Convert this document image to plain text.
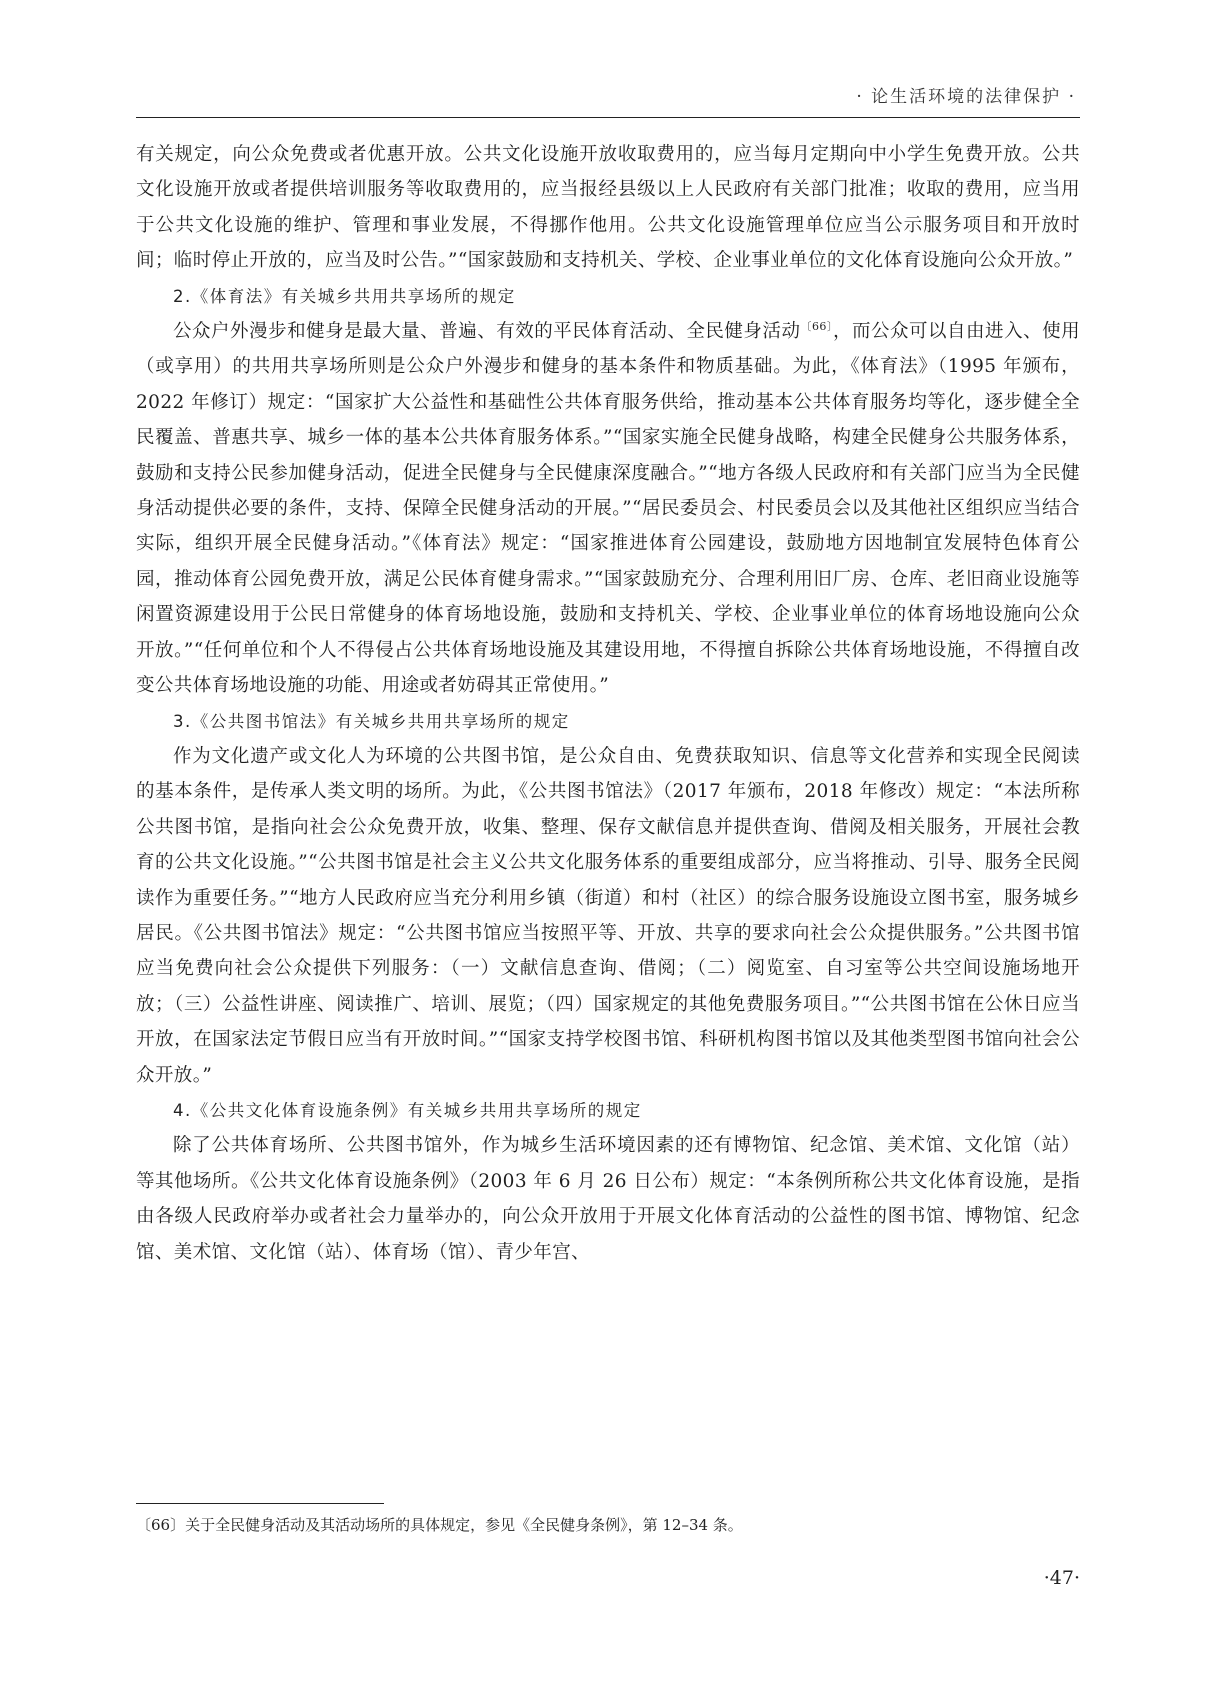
· 论生活环境的法律保护 ·

有关规定，向公众免费或者优惠开放。公共文化设施开放收取费用的，应当每月定期向中小学生免费开放。公共文化设施开放或者提供培训服务等收取费用的，应当报经县级以上人民政府有关部门批准；收取的费用，应当用于公共文化设施的维护、管理和事业发展，不得挪作他用。公共文化设施管理单位应当公示服务项目和开放时间；临时停止开放的，应当及时公告。”“国家鼓励和支持机关、学校、企业事业单位的文化体育设施向公众开放。”

2.《体育法》有关城乡共用共享场所的规定

公众户外漫步和健身是最大量、普遍、有效的平民体育活动、全民健身活动$^{〔66〕}$，而公众可以自由进入、使用（或享用）的共用共享场所则是公众户外漫步和健身的基本条件和物质基础。为此，《体育法》（1995 年颁布，2022 年修订）规定：“国家扩大公益性和基础性公共体育服务供给，推动基本公共体育服务均等化，逐步健全全民覆盖、普惠共享、城乡一体的基本公共体育服务体系。”“国家实施全民健身战略，构建全民健身公共服务体系，鼓励和支持公民参加健身活动，促进全民健身与全民健康深度融合。”“地方各级人民政府和有关部门应当为全民健身活动提供必要的条件，支持、保障全民健身活动的开展。”“居民委员会、村民委员会以及其他社区组织应当结合实际，组织开展全民健身活动。”《体育法》规定：“国家推进体育公园建设，鼓励地方因地制宜发展特色体育公园，推动体育公园免费开放，满足公民体育健身需求。”“国家鼓励充分、合理利用旧厂房、仓库、老旧商业设施等闲置资源建设用于公民日常健身的体育场地设施，鼓励和支持机关、学校、企业事业单位的体育场地设施向公众开放。”“任何单位和个人不得侵占公共体育场地设施及其建设用地，不得擅自拆除公共体育场地设施，不得擅自改变公共体育场地设施的功能、用途或者妨碍其正常使用。”

3.《公共图书馆法》有关城乡共用共享场所的规定

作为文化遗产或文化人为环境的公共图书馆，是公众自由、免费获取知识、信息等文化营养和实现全民阅读的基本条件，是传承人类文明的场所。为此，《公共图书馆法》（2017 年颁布，2018 年修改）规定：“本法所称公共图书馆，是指向社会公众免费开放，收集、整理、保存文献信息并提供查询、借阅及相关服务，开展社会教育的公共文化设施。”“公共图书馆是社会主义公共文化服务体系的重要组成部分，应当将推动、引导、服务全民阅读作为重要任务。”“地方人民政府应当充分利用乡镇（街道）和村（社区）的综合服务设施设立图书室，服务城乡居民。《公共图书馆法》规定：“公共图书馆应当按照平等、开放、共享的要求向社会公众提供服务。”公共图书馆应当免费向社会公众提供下列服务：（一）文献信息查询、借阅；（二）阅览室、自习室等公共空间设施场地开放；（三）公益性讲座、阅读推广、培训、展览；（四）国家规定的其他免费服务项目。”“公共图书馆在公休日应当开放，在国家法定节假日应当有开放时间。”“国家支持学校图书馆、科研机构图书馆以及其他类型图书馆向社会公众开放。”

4.《公共文化体育设施条例》有关城乡共用共享场所的规定

除了公共体育场所、公共图书馆外，作为城乡生活环境因素的还有博物馆、纪念馆、美术馆、文化馆（站）等其他场所。《公共文化体育设施条例》（2003 年 6 月 26 日公布）规定：“本条例所称公共文化体育设施，是指由各级人民政府举办或者社会力量举办的，向公众开放用于开展文化体育活动的公益性的图书馆、博物馆、纪念馆、美术馆、文化馆（站）、体育场（馆）、青少年宫、

〔66〕关于全民健身活动及其活动场所的具体规定，参见《全民健身条例》，第 12–34 条。
·47·
